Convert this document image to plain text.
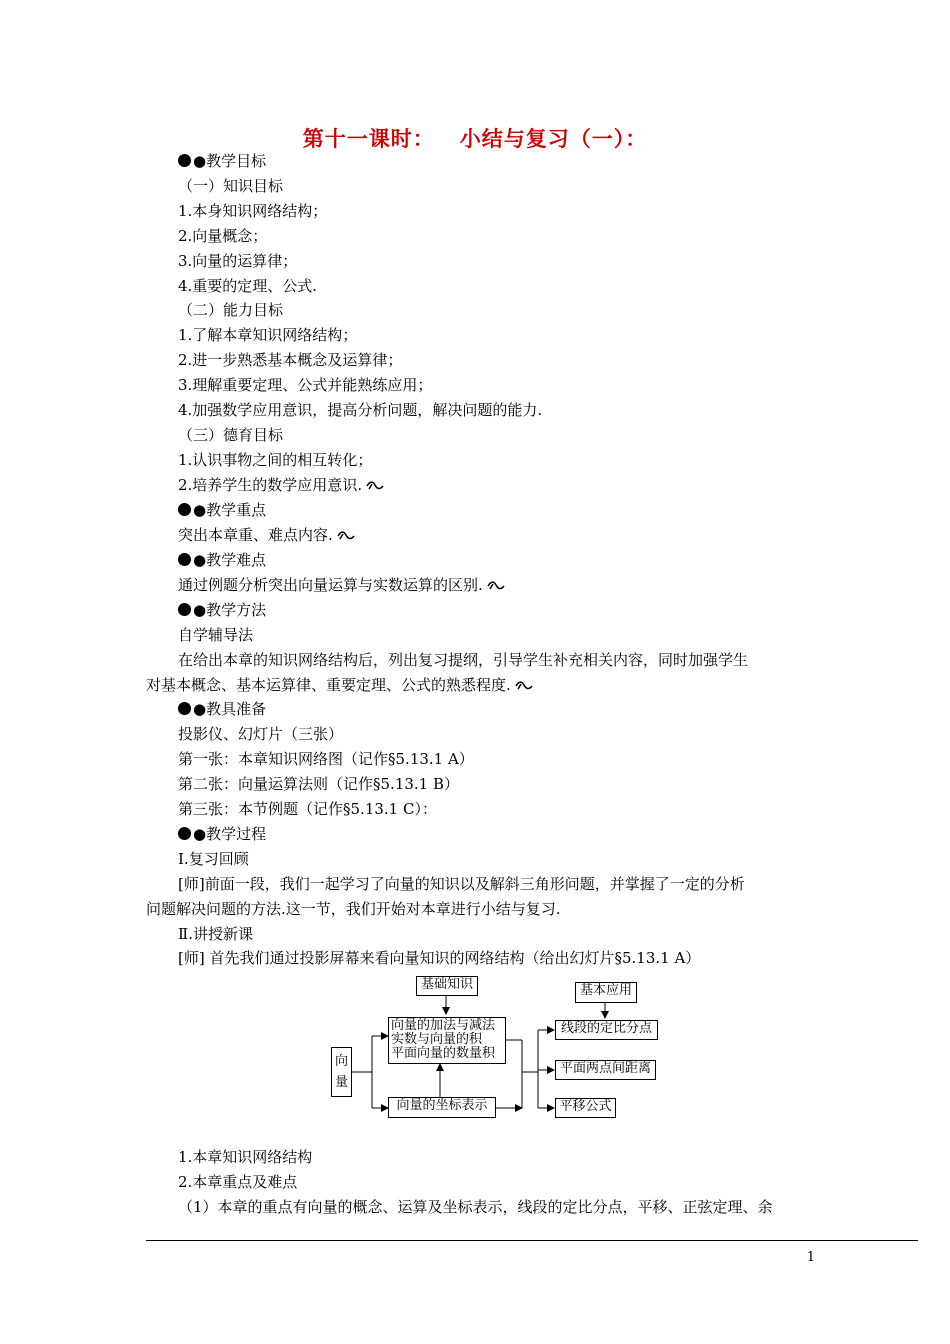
第十一课时：   小结与复习（一）：
●教学目标
（一）知识目标
1.本身知识网络结构；
2.向量概念；
3.向量的运算律；
4.重要的定理、公式.
（二）能力目标
1.了解本章知识网络结构；
2.进一步熟悉基本概念及运算律；
3.理解重要定理、公式并能熟练应用；
4.加强数学应用意识，提高分析问题，解决问题的能力.
（三）德育目标
1.认识事物之间的相互转化；
2.培养学生的数学应用意识.
●教学重点
突出本章重、难点内容.
●教学难点
通过例题分析突出向量运算与实数运算的区别.
●教学方法
自学辅导法
在给出本章的知识网络结构后，列出复习提纲，引导学生补充相关内容，同时加强学生
对基本概念、基本运算律、重要定理、公式的熟悉程度.
●教具准备
投影仪、幻灯片（三张）
第一张：本章知识网络图（记作§5.13.1 A）
第二张：向量运算法则（记作§5.13.1 B）
第三张：本节例题（记作§5.13.1 C）：
●教学过程
Ⅰ.复习回顾
[师]前面一段，我们一起学习了向量的知识以及解斜三角形问题，并掌握了一定的分析
问题解决问题的方法.这一节，我们开始对本章进行小结与复习.
Ⅱ.讲授新课
[师] 首先我们通过投影屏幕来看向量知识的网络结构（给出幻灯片§5.13.1 A）
基础知识	基本应用
向
量
向量的加法与减法
实数与向量的积
平面向量的数量积
向量的坐标表示
线段的定比分点
平面两点间距离
平移公式
1.本章知识网络结构
2.本章重点及难点
（1）本章的重点有向量的概念、运算及坐标表示，线段的定比分点，平移、正弦定理、余
1
